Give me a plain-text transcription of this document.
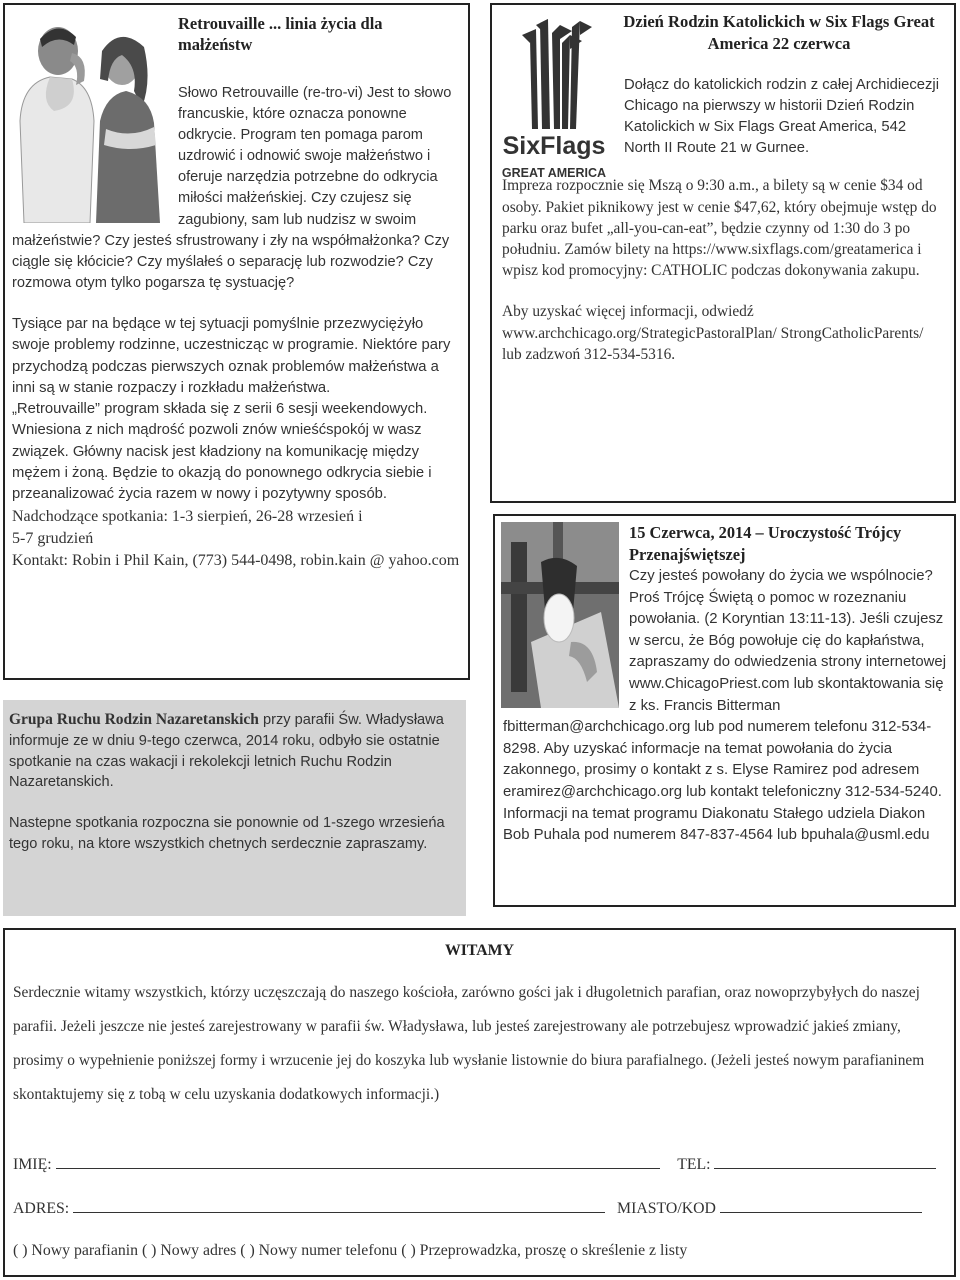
Retrouvaille ... linia życia dla małżeństw

Słowo Retrouvaille (re-tro-vi) Jest to słowo francuskie, które oznacza ponowne odkrycie. Program ten pomaga parom uzdrowić i odnowić swoje małżeństwo i oferuje narzędzia potrzebne do odkrycia miłości małżeńskiej. Czy czujesz się zagubiony, sam lub nudzisz w swoim małżeństwie? Czy jesteś sfrustrowany i zły na współmałżonka? Czy ciągle się kłócicie? Czy myślałeś o separację lub rozwodzie? Czy rozmowa otym tylko pogarsza tę systuację?

Tysiące par na będące w tej sytuacji pomyślnie przezwyciężyło swoje problemy rodzinne, uczestnicząc w programie. Niektóre pary przychodzą podczas pierwszych oznak problemów małżeństwa a inni są w stanie rozpaczy i rozkładu małżeństwa.

„Retrouvaille” program składa się z serii 6 sesji weekendowych. Wniesiona z nich mądrość pozwoli znów wnieśćspokój w wasz związek. Główny nacisk jest kładziony na komunikację między mężem i żoną. Będzie to okazją do ponownego odkrycia siebie i przeanalizować życia razem w nowy i pozytywny sposób.

Nadchodzące spotkania: 1-3 sierpień, 26-28 wrzesień i
5-7 grudzień
Kontakt: Robin i Phil Kain, (773) 544-0498, robin.kain @ yahoo.com

Grupa Ruchu Rodzin Nazaretanskich przy parafii Św. Władysława informuje ze w dniu 9-tego czerwca, 2014 roku, odbyło sie ostatnie spotkanie na czas wakacji i rekolekcji letnich Ruchu Rodzin Nazaretanskich.

Nastepne spotkania rozpoczna sie ponownie od 1-szego wrzesieńa tego roku, na ktore wszystkich chetnych serdecznie zapraszamy.

SixFlags
GREAT AMERICA

Dzień Rodzin Katolickich w Six Flags Great America 22 czerwca

Dołącz do katolickich rodzin z całej Archidiecezji Chicago na pierwszy w historii Dzień Rodzin Katolickich w Six Flags Great America, 542 North II Route 21 w Gurnee.

Impreza rozpocznie się Mszą o 9:30 a.m., a bilety są w cenie $34 od osoby. Pakiet piknikowy jest w cenie $47,62, który obejmuje wstęp do parku oraz bufet „all-you-can-eat”, będzie czynny od 1:30 do 3 po południu. Zamów bilety na https://www.sixflags.com/greatamerica i wpisz kod promocyjny: CATHOLIC podczas dokonywania zakupu.

Aby uzyskać więcej informacji, odwiedź www.archchicago.org/StrategicPastoralPlan/ StrongCatholicParents/ lub zadzwoń 312-534-5316.

15 Czerwca, 2014 – Uroczystość Trójcy Przenajświętszej

Czy jesteś powołany do życia we wspólnocie? Proś Trójcę Świętą o pomoc w rozeznaniu powołania. (2 Koryntian 13:11-13). Jeśli czujesz w sercu, że Bóg powołuje cię do kapłaństwa, zapraszamy do odwiedzenia strony internetowej www.ChicagoPriest.com lub skontaktowania się z ks. Francis Bitterman fbitterman@archchicago.org lub pod numerem telefonu 312-534-8298. Aby uzyskać informacje na temat powołania do życia zakonnego, prosimy o kontakt z s. Elyse Ramirez pod adresem eramirez@archchicago.org lub kontakt telefoniczny 312-534-5240. Informacji na temat programu Diakonatu Stałego udziela Diakon Bob Puhala pod numerem 847-837-4564 lub bpuhala@usml.edu

WITAMY

Serdecznie witamy wszystkich, którzy uczęszczają do naszego kościoła, zarówno gości jak i długoletnich parafian, oraz nowoprzybyłych do naszej parafii. Jeżeli jeszcze nie jesteś zarejestrowany w parafii św. Władysława, lub jesteś zarejestrowany ale potrzebujesz wprowadzić jakieś zmiany, prosimy o wypełnienie poniższej formy i wrzucenie jej do koszyka lub wysłanie listownie do biura parafialnego. (Jeżeli jesteś nowym parafianinem skontaktujemy się z tobą w celu uzyskania dodatkowych informacji.)

IMIĘ:	TEL:
ADRES:	MIASTO/KOD
( ) Nowy parafianin ( ) Nowy adres ( ) Nowy numer telefonu ( ) Przeprowadzka, proszę o skreślenie z listy
